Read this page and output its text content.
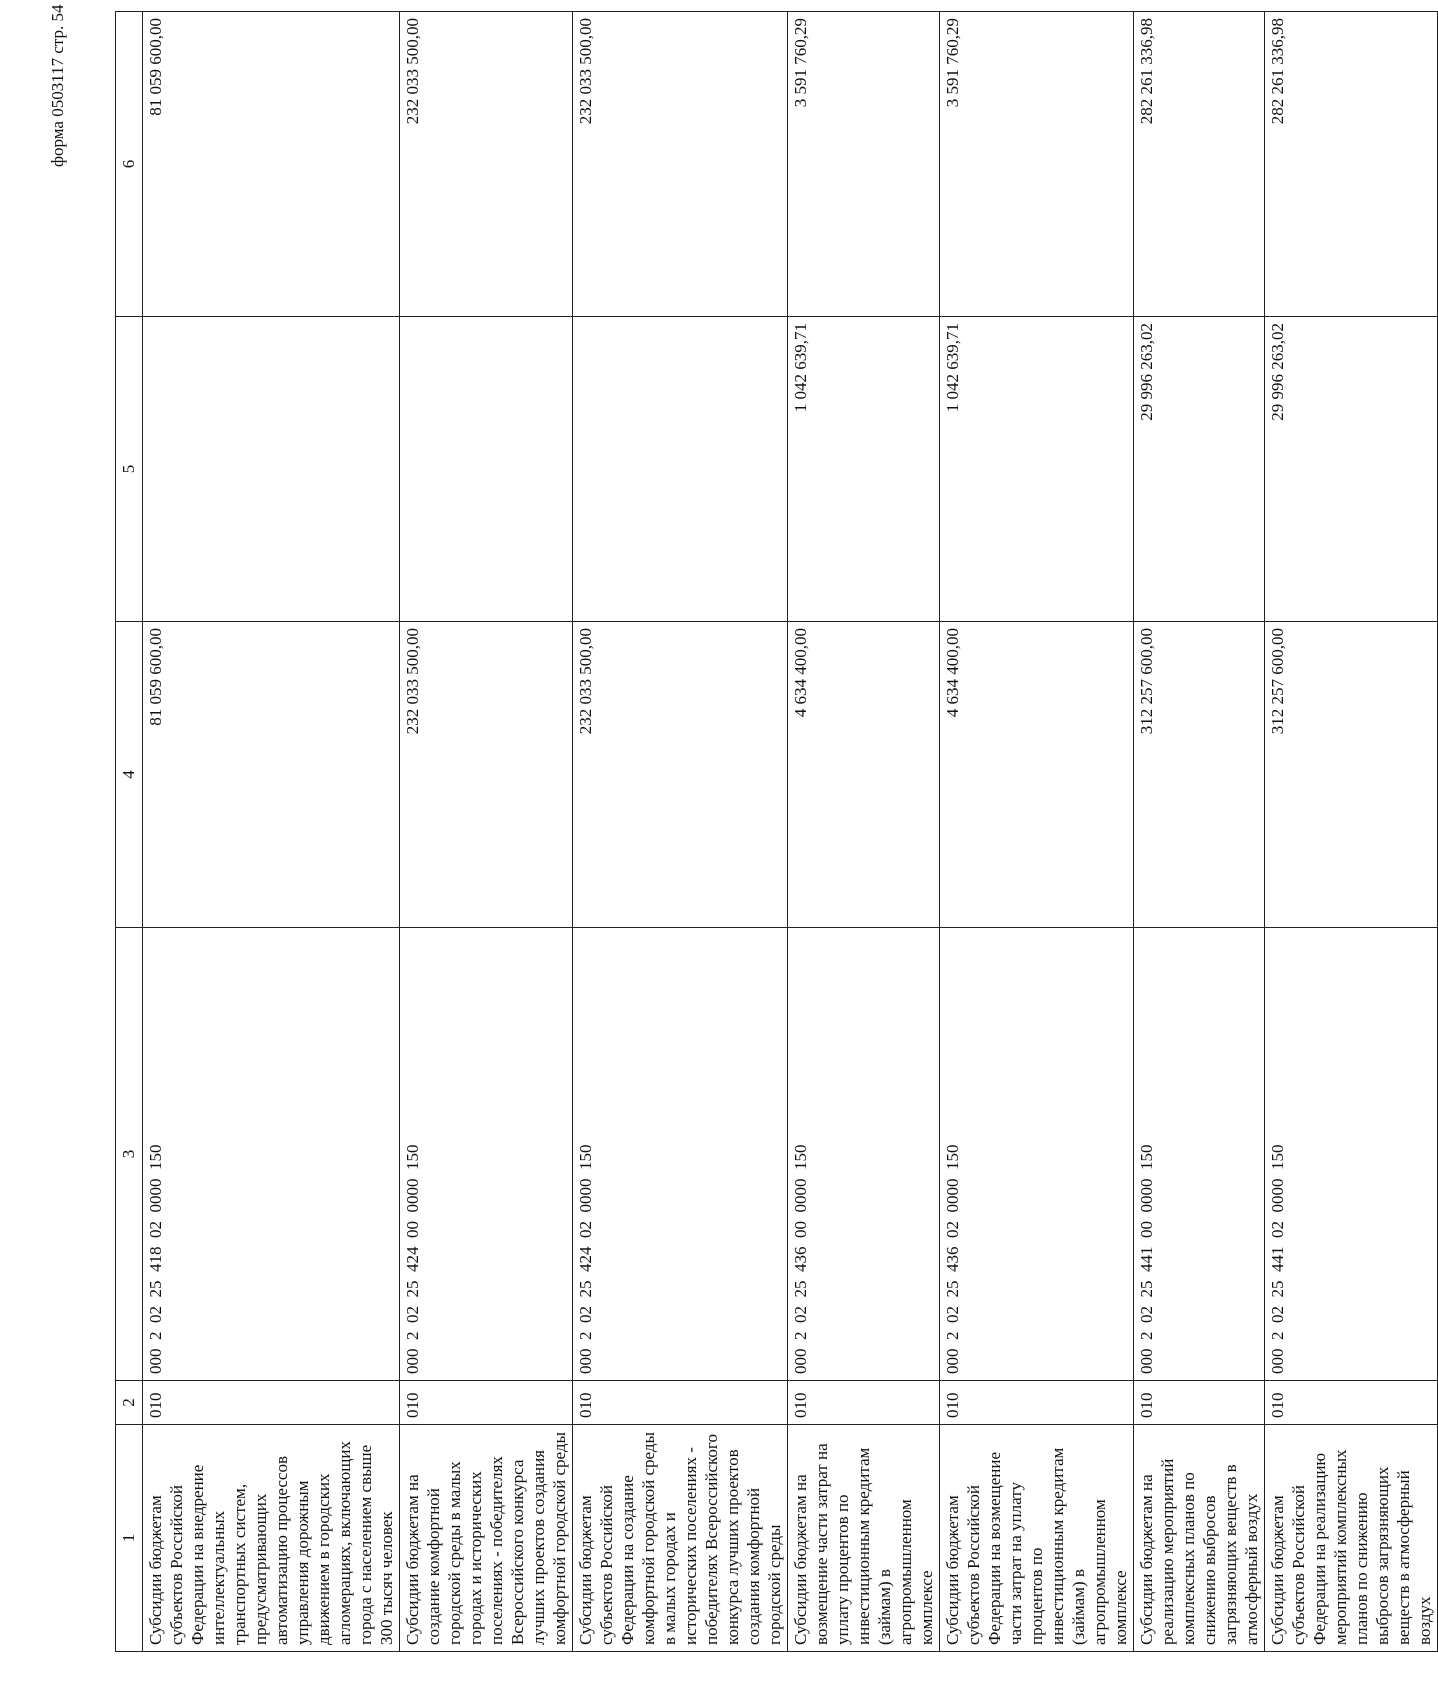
форма 0503117 стр. 54
1	2	3	4	5	6
Субсидии бюджетам субъектов Российской Федерации на внедрение интеллектуальных транспортных систем, предусматривающих автоматизацию процессов управления дорожным движением в городских агломерациях, включающих города с населением свыше 300 тысяч человек	010	000  2  02  25  418  02  0000  150	81 059 600,00		81 059 600,00
Субсидии бюджетам на создание комфортной городской среды в малых городах и исторических поселениях - победителях Всероссийского конкурса лучших проектов создания комфортной городской среды	010	000  2  02  25  424  00  0000  150	232 033 500,00		232 033 500,00
Субсидии бюджетам субъектов Российской Федерации на создание комфортной городской среды в малых городах и исторических поселениях - победителях Всероссийского конкурса лучших проектов создания комфортной городской среды	010	000  2  02  25  424  02  0000  150	232 033 500,00		232 033 500,00
Субсидии бюджетам на возмещение части затрат на уплату процентов по инвестиционным кредитам (займам) в агропромышленном комплексе	010	000  2  02  25  436  00  0000  150	4 634 400,00	1 042 639,71	3 591 760,29
Субсидии бюджетам субъектов Российской Федерации на возмещение части затрат на уплату процентов по инвестиционным кредитам (займам) в агропромышленном комплексе	010	000  2  02  25  436  02  0000  150	4 634 400,00	1 042 639,71	3 591 760,29
Субсидии бюджетам на реализацию мероприятий комплексных планов по снижению выбросов загрязняющих веществ в атмосферный воздух	010	000  2  02  25  441  00  0000  150	312 257 600,00	29 996 263,02	282 261 336,98
Субсидии бюджетам субъектов Российской Федерации на реализацию мероприятий комплексных планов по снижению выбросов загрязняющих веществ в атмосферный воздух	010	000  2  02  25  441  02  0000  150	312 257 600,00	29 996 263,02	282 261 336,98
